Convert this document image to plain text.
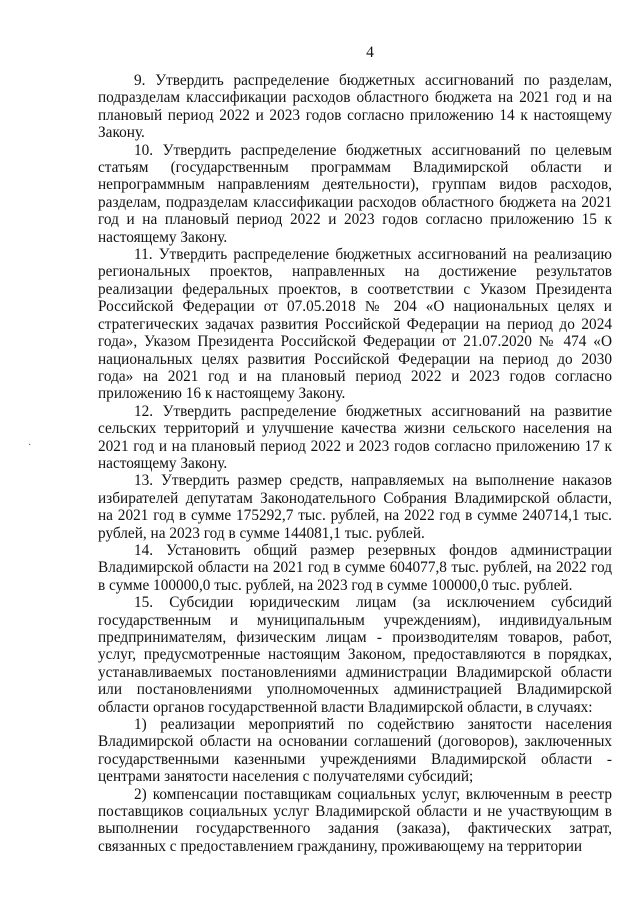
4
·

9. Утвердить распределение бюджетных ассигнований по разделам, подразделам классификации расходов областного бюджета на 2021 год и на плановый период 2022 и 2023 годов согласно приложению 14 к настоящему Закону.

10. Утвердить распределение бюджетных ассигнований по целевым статьям (государственным программам Владимирской области и непрограммным направлениям деятельности), группам видов расходов, разделам, подразделам классификации расходов областного бюджета на 2021 год и на плановый период 2022 и 2023 годов согласно приложению 15 к настоящему Закону.

11. Утвердить распределение бюджетных ассигнований на реализацию региональных проектов, направленных на достижение результатов реализации федеральных проектов, в соответствии с Указом Президента Российской Федерации от 07.05.2018 № 204 «О национальных целях и стратегических задачах развития Российской Федерации на период до 2024 года», Указом Президента Российской Федерации от 21.07.2020 № 474 «О национальных целях развития Российской Федерации на период до 2030 года» на 2021 год и на плановый период 2022 и 2023 годов согласно приложению 16 к настоящему Закону.

12. Утвердить распределение бюджетных ассигнований на развитие сельских территорий и улучшение качества жизни сельского населения на 2021 год и на плановый период 2022 и 2023 годов согласно приложению 17 к настоящему Закону.

13. Утвердить размер средств, направляемых на выполнение наказов избирателей депутатам Законодательного Собрания Владимирской области, на 2021 год в сумме 175292,7 тыс. рублей, на 2022 год в сумме 240714,1 тыс. рублей, на 2023 год в сумме 144081,1 тыс. рублей.

14. Установить общий размер резервных фондов администрации Владимирской области на 2021 год в сумме 604077,8 тыс. рублей, на 2022 год в сумме 100000,0 тыс. рублей, на 2023 год в сумме 100000,0 тыс. рублей.

15. Субсидии юридическим лицам (за исключением субсидий государственным и муниципальным учреждениям), индивидуальным предпринимателям, физическим лицам - производителям товаров, работ, услуг, предусмотренные настоящим Законом, предоставляются в порядках, устанавливаемых постановлениями администрации Владимирской области или постановлениями уполномоченных администрацией Владимирской области органов государственной власти Владимирской области, в случаях:

1) реализации мероприятий по содействию занятости населения Владимирской области на основании соглашений (договоров), заключенных государственными казенными учреждениями Владимирской области - центрами занятости населения с получателями субсидий;

2) компенсации поставщикам социальных услуг, включенным в реестр поставщиков социальных услуг Владимирской области и не участвующим в выполнении государственного задания (заказа), фактических затрат, связанных с предоставлением гражданину, проживающему на территории
